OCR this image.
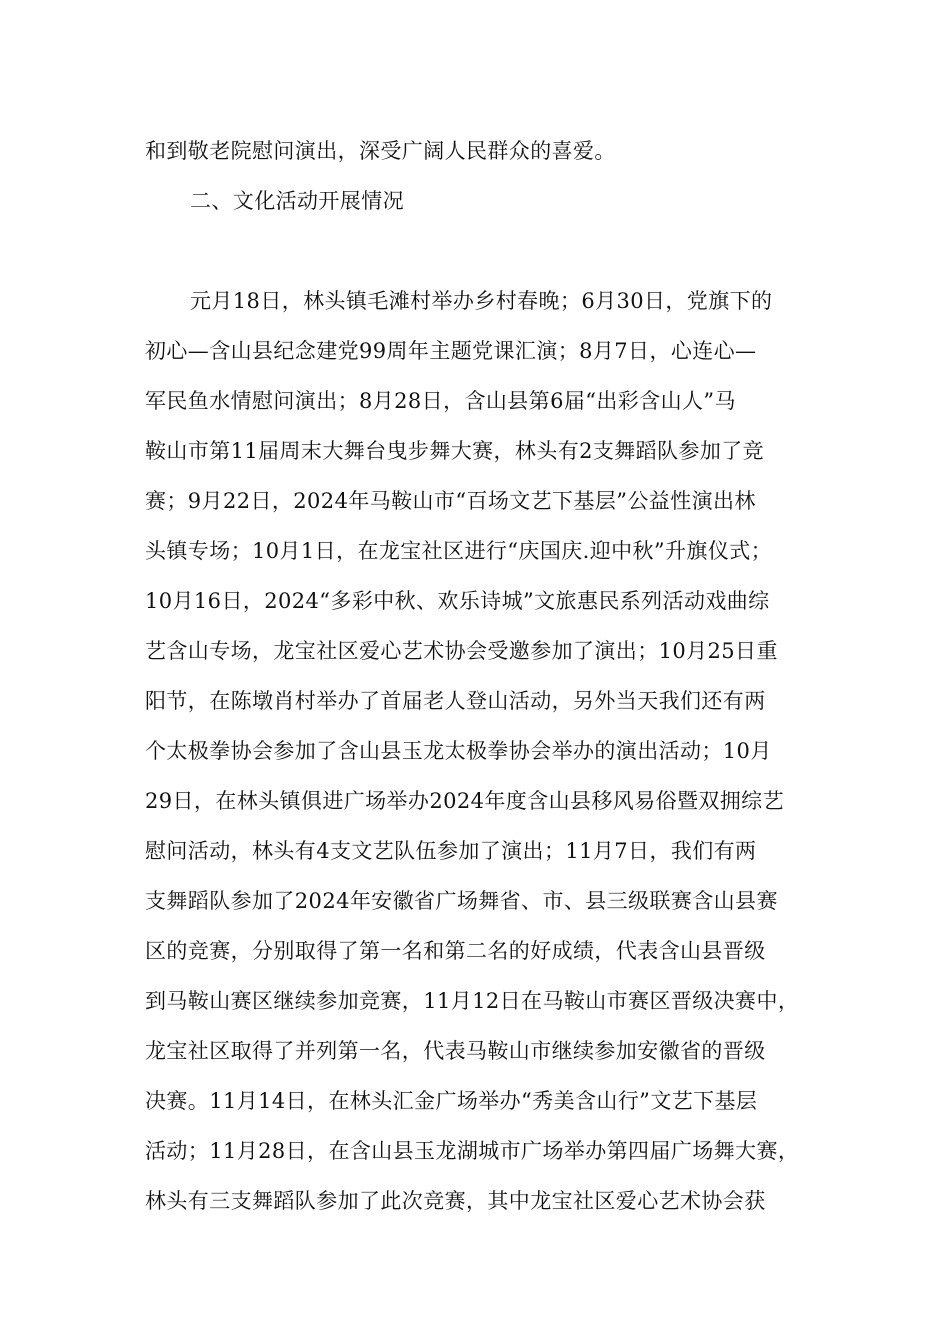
和到敬老院慰问演出，深受广阔人民群众的喜爱。
二、文化活动开展情况
元月18日，林头镇毛滩村举办乡村春晚；6月30日，党旗下的
初心—含山县纪念建党99周年主题党课汇演；8月7日，心连心—
军民鱼水情慰问演出；8月28日，含山县第6届“出彩含山人”马
鞍山市第11届周末大舞台曳步舞大赛，林头有2支舞蹈队参加了竞
赛；9月22日，2024年马鞍山市“百场文艺下基层”公益性演出林
头镇专场；10月1日，在龙宝社区进行“庆国庆.迎中秋”升旗仪式；
10月16日，2024“多彩中秋、欢乐诗城”文旅惠民系列活动戏曲综
艺含山专场，龙宝社区爱心艺术协会受邀参加了演出；10月25日重
阳节，在陈墩肖村举办了首届老人登山活动，另外当天我们还有两
个太极拳协会参加了含山县玉龙太极拳协会举办的演出活动；10月
29日，在林头镇俱进广场举办2024年度含山县移风易俗暨双拥综艺
慰问活动，林头有4支文艺队伍参加了演出；11月7日，我们有两
支舞蹈队参加了2024年安徽省广场舞省、市、县三级联赛含山县赛
区的竞赛，分别取得了第一名和第二名的好成绩，代表含山县晋级
到马鞍山赛区继续参加竞赛，11月12日在马鞍山市赛区晋级决赛中，
龙宝社区取得了并列第一名，代表马鞍山市继续参加安徽省的晋级
决赛。11月14日，在林头汇金广场举办“秀美含山行”文艺下基层
活动；11月28日，在含山县玉龙湖城市广场举办第四届广场舞大赛，
林头有三支舞蹈队参加了此次竞赛，其中龙宝社区爱心艺术协会获
